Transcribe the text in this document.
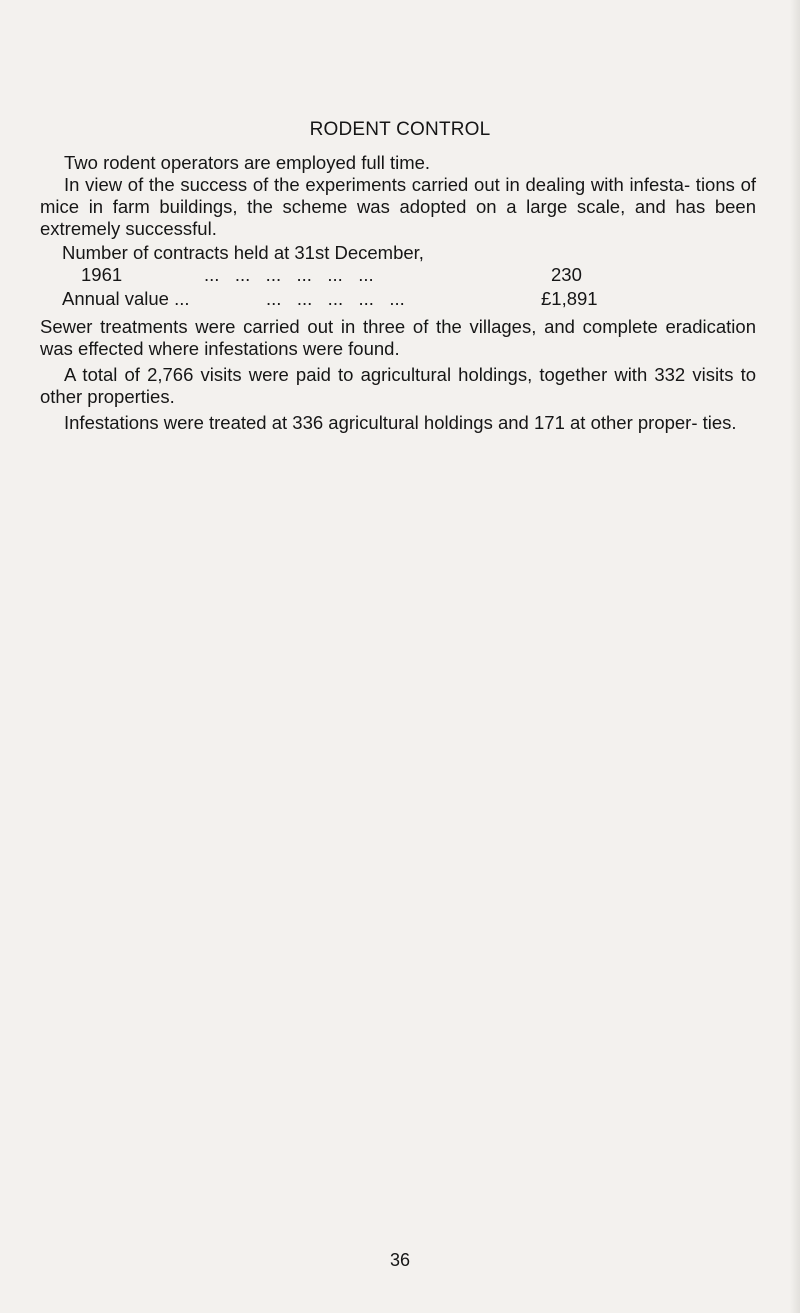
RODENT CONTROL

Two rodent operators are employed full time.

In view of the success of the experiments carried out in dealing with infesta- tions of mice in farm buildings, the scheme was adopted on a large scale, and has been extremely successful.

Number of contracts held at 31st December,
1961	...   ...   ...   ...   ...   ...	230
Annual value ...	...   ...   ...   ...   ...	£1,891

Sewer treatments were carried out in three of the villages, and complete eradication was effected where infestations were found.

A total of 2,766 visits were paid to agricultural holdings, together with 332 visits to other properties.

Infestations were treated at 336 agricultural holdings and 171 at other proper- ties.

36
